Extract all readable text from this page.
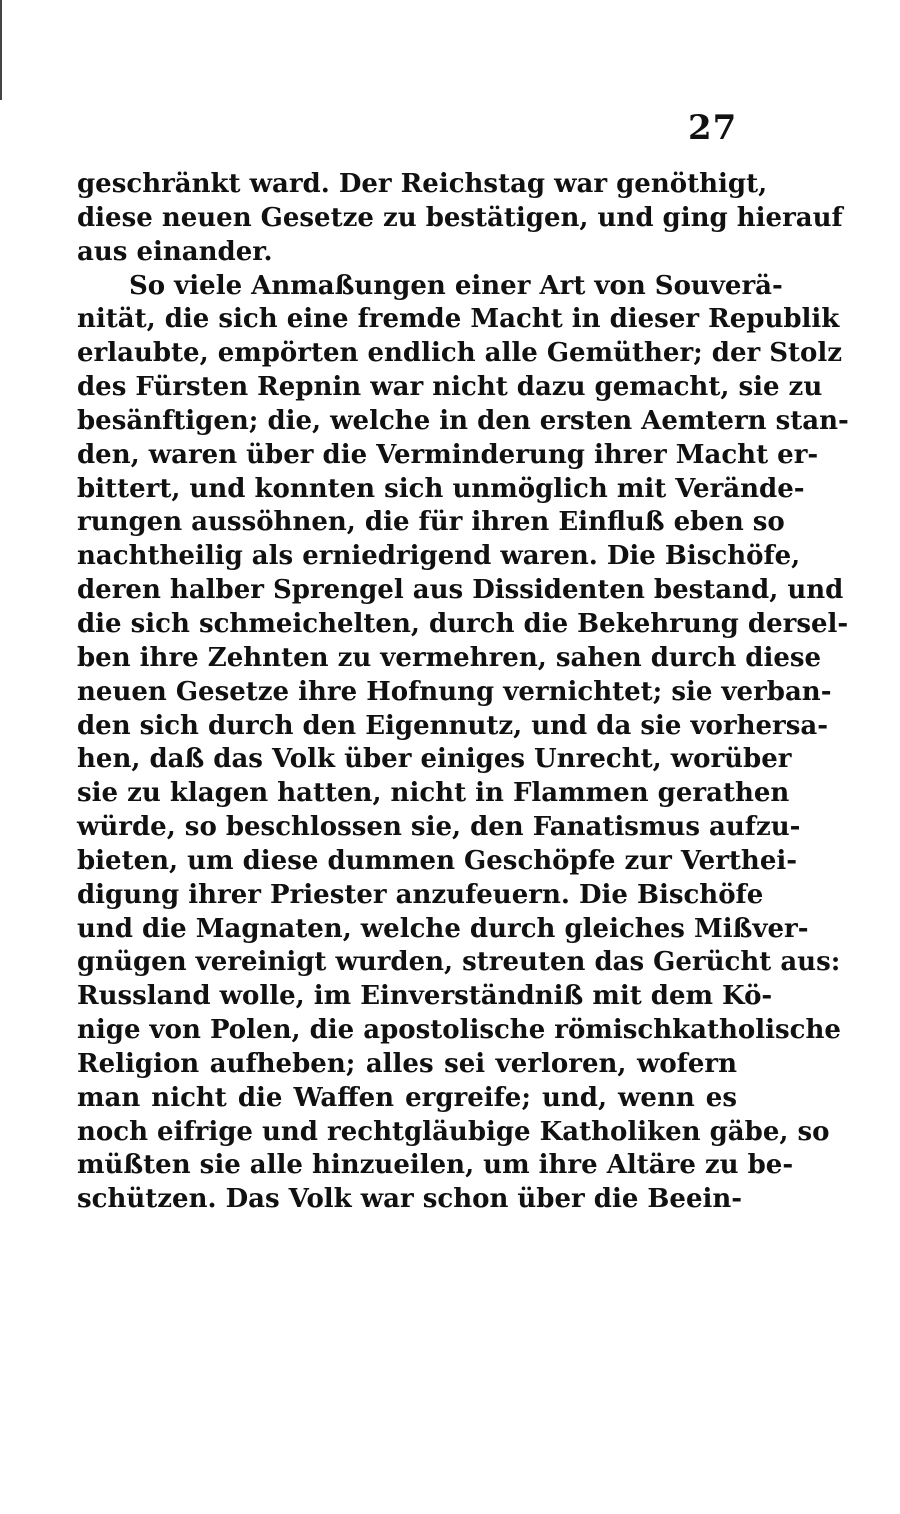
27
geschränkt ward. Der Reichstag war genöthigt,
diese neuen Gesetze zu bestätigen, und ging hierauf
aus einander.
So viele Anmaßungen einer Art von Souverä-
nität, die sich eine fremde Macht in dieser Republik
erlaubte, empörten endlich alle Gemüther; der Stolz
des Fürsten Repnin war nicht dazu gemacht, sie zu
besänftigen; die, welche in den ersten Aemtern stan-
den, waren über die Verminderung ihrer Macht er-
bittert, und konnten sich unmöglich mit Verände-
rungen aussöhnen, die für ihren Einfluß eben so
nachtheilig als erniedrigend waren. Die Bischöfe,
deren halber Sprengel aus Dissidenten bestand, und
die sich schmeichelten, durch die Bekehrung dersel-
ben ihre Zehnten zu vermehren, sahen durch diese
neuen Gesetze ihre Hofnung vernichtet; sie verban-
den sich durch den Eigennutz, und da sie vorhersa-
hen, daß das Volk über einiges Unrecht, worüber
sie zu klagen hatten, nicht in Flammen gerathen
würde, so beschlossen sie, den Fanatismus aufzu-
bieten, um diese dummen Geschöpfe zur Verthei-
digung ihrer Priester anzufeuern. Die Bischöfe
und die Magnaten, welche durch gleiches Mißver-
gnügen vereinigt wurden, streuten das Gerücht aus:
Russland wolle, im Einverständniß mit dem Kö-
nige von Polen, die apostolische römischkatholische
Religion aufheben; alles sei verloren, wofern
man nicht die Waffen ergreife; und, wenn es
noch eifrige und rechtgläubige Katholiken gäbe, so
müßten sie alle hinzueilen, um ihre Altäre zu be-
schützen. Das Volk war schon über die Beein-
